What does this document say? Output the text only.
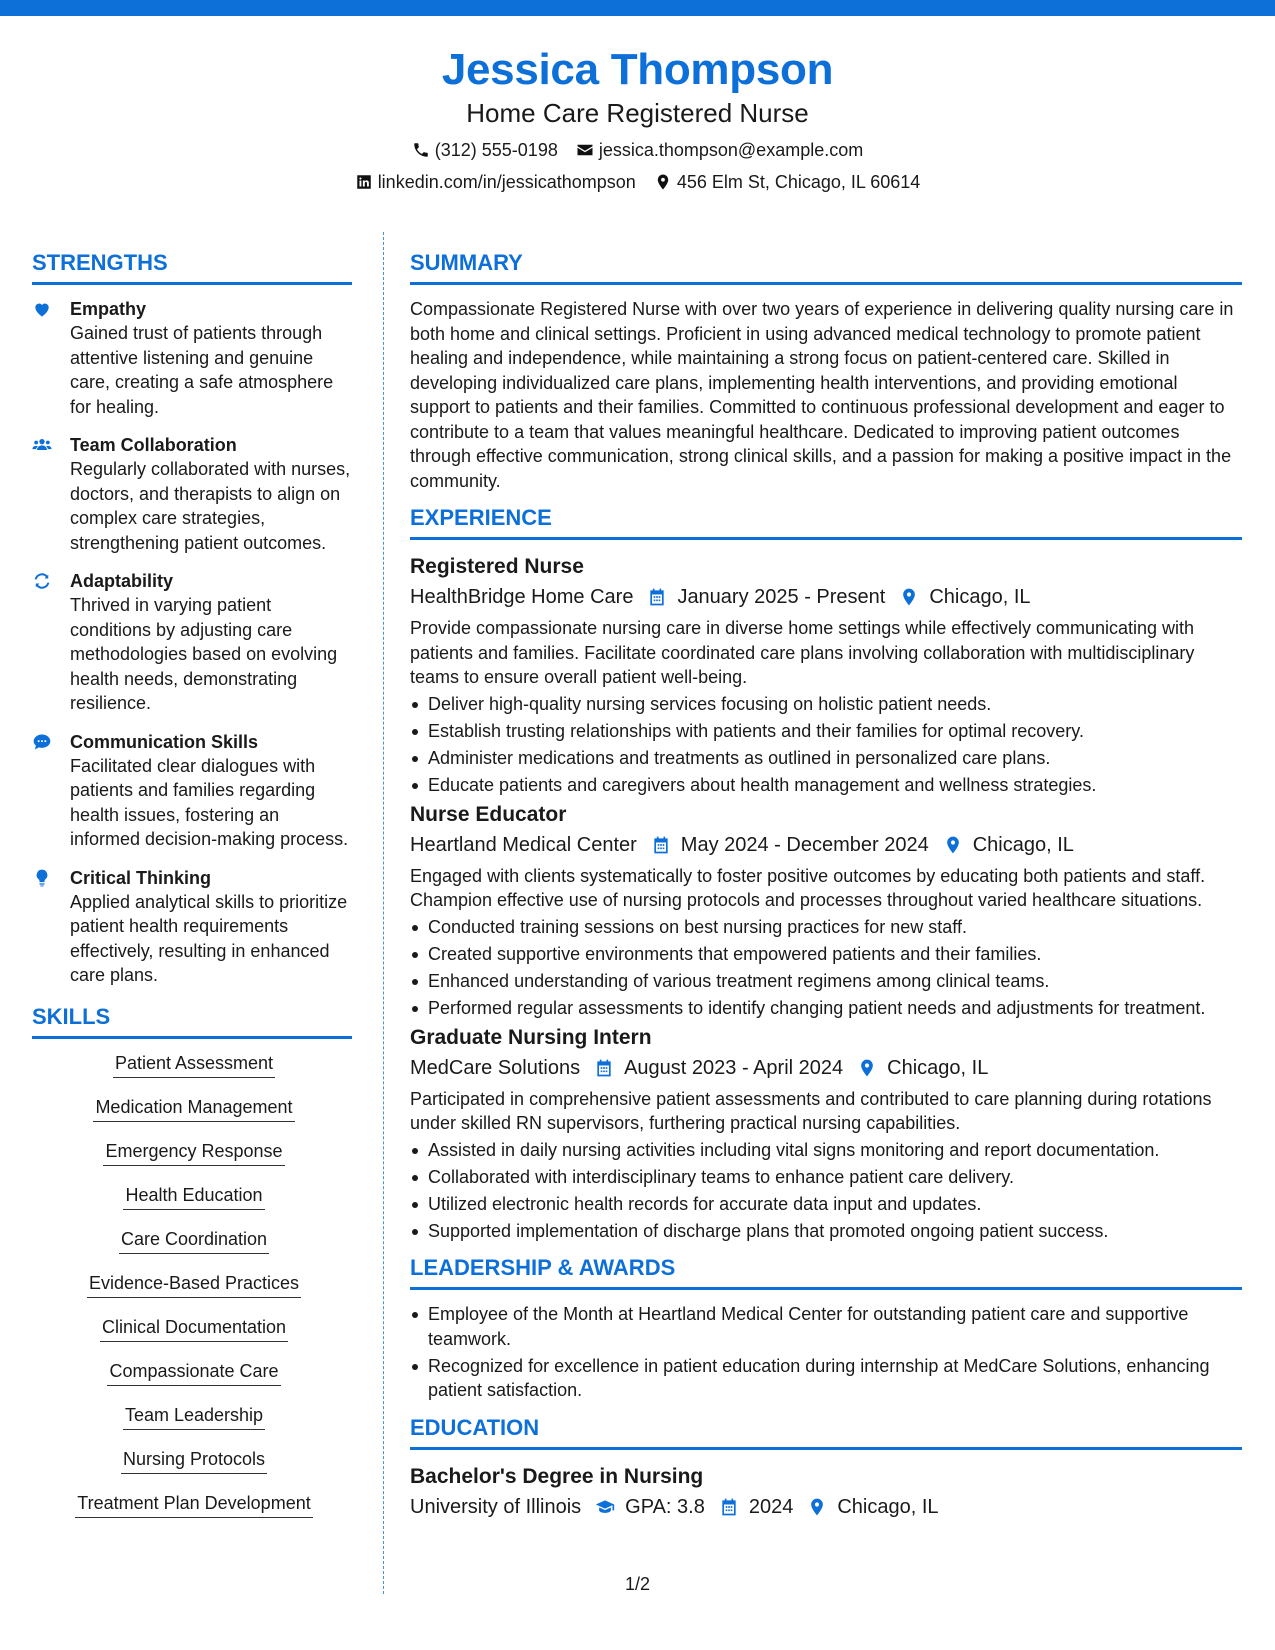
Jessica Thompson
Home Care Registered Nurse
(312) 555-0198 jessica.thompson@example.com
linkedin.com/in/jessicathompson 456 Elm St, Chicago, IL 60614
STRENGTHS
Empathy
Gained trust of patients through attentive listening and genuine care, creating a safe atmosphere for healing.
Team Collaboration
Regularly collaborated with nurses, doctors, and therapists to align on complex care strategies, strengthening patient outcomes.
Adaptability
Thrived in varying patient conditions by adjusting care methodologies based on evolving health needs, demonstrating resilience.
Communication Skills
Facilitated clear dialogues with patients and families regarding health issues, fostering an informed decision-making process.
Critical Thinking
Applied analytical skills to prioritize patient health requirements effectively, resulting in enhanced care plans.
SKILLS
Patient Assessment
Medication Management
Emergency Response
Health Education
Care Coordination
Evidence-Based Practices
Clinical Documentation
Compassionate Care
Team Leadership
Nursing Protocols
Treatment Plan Development
SUMMARY
Compassionate Registered Nurse with over two years of experience in delivering quality nursing care in both home and clinical settings. Proficient in using advanced medical technology to promote patient healing and independence, while maintaining a strong focus on patient-centered care. Skilled in developing individualized care plans, implementing health interventions, and providing emotional support to patients and their families. Committed to continuous professional development and eager to contribute to a team that values meaningful healthcare. Dedicated to improving patient outcomes through effective communication, strong clinical skills, and a passion for making a positive impact in the community.
EXPERIENCE
Registered Nurse
HealthBridge Home Care January 2025 - Present Chicago, IL
Provide compassionate nursing care in diverse home settings while effectively communicating with patients and families. Facilitate coordinated care plans involving collaboration with multidisciplinary teams to ensure overall patient well-being.
Deliver high-quality nursing services focusing on holistic patient needs.
Establish trusting relationships with patients and their families for optimal recovery.
Administer medications and treatments as outlined in personalized care plans.
Educate patients and caregivers about health management and wellness strategies.
Nurse Educator
Heartland Medical Center May 2024 - December 2024 Chicago, IL
Engaged with clients systematically to foster positive outcomes by educating both patients and staff. Champion effective use of nursing protocols and processes throughout varied healthcare situations.
Conducted training sessions on best nursing practices for new staff.
Created supportive environments that empowered patients and their families.
Enhanced understanding of various treatment regimens among clinical teams.
Performed regular assessments to identify changing patient needs and adjustments for treatment.
Graduate Nursing Intern
MedCare Solutions August 2023 - April 2024 Chicago, IL
Participated in comprehensive patient assessments and contributed to care planning during rotations under skilled RN supervisors, furthering practical nursing capabilities.
Assisted in daily nursing activities including vital signs monitoring and report documentation.
Collaborated with interdisciplinary teams to enhance patient care delivery.
Utilized electronic health records for accurate data input and updates.
Supported implementation of discharge plans that promoted ongoing patient success.
LEADERSHIP & AWARDS
Employee of the Month at Heartland Medical Center for outstanding patient care and supportive teamwork.
Recognized for excellence in patient education during internship at MedCare Solutions, enhancing patient satisfaction.
EDUCATION
Bachelor's Degree in Nursing
University of Illinois GPA: 3.8 2024 Chicago, IL
1/2
